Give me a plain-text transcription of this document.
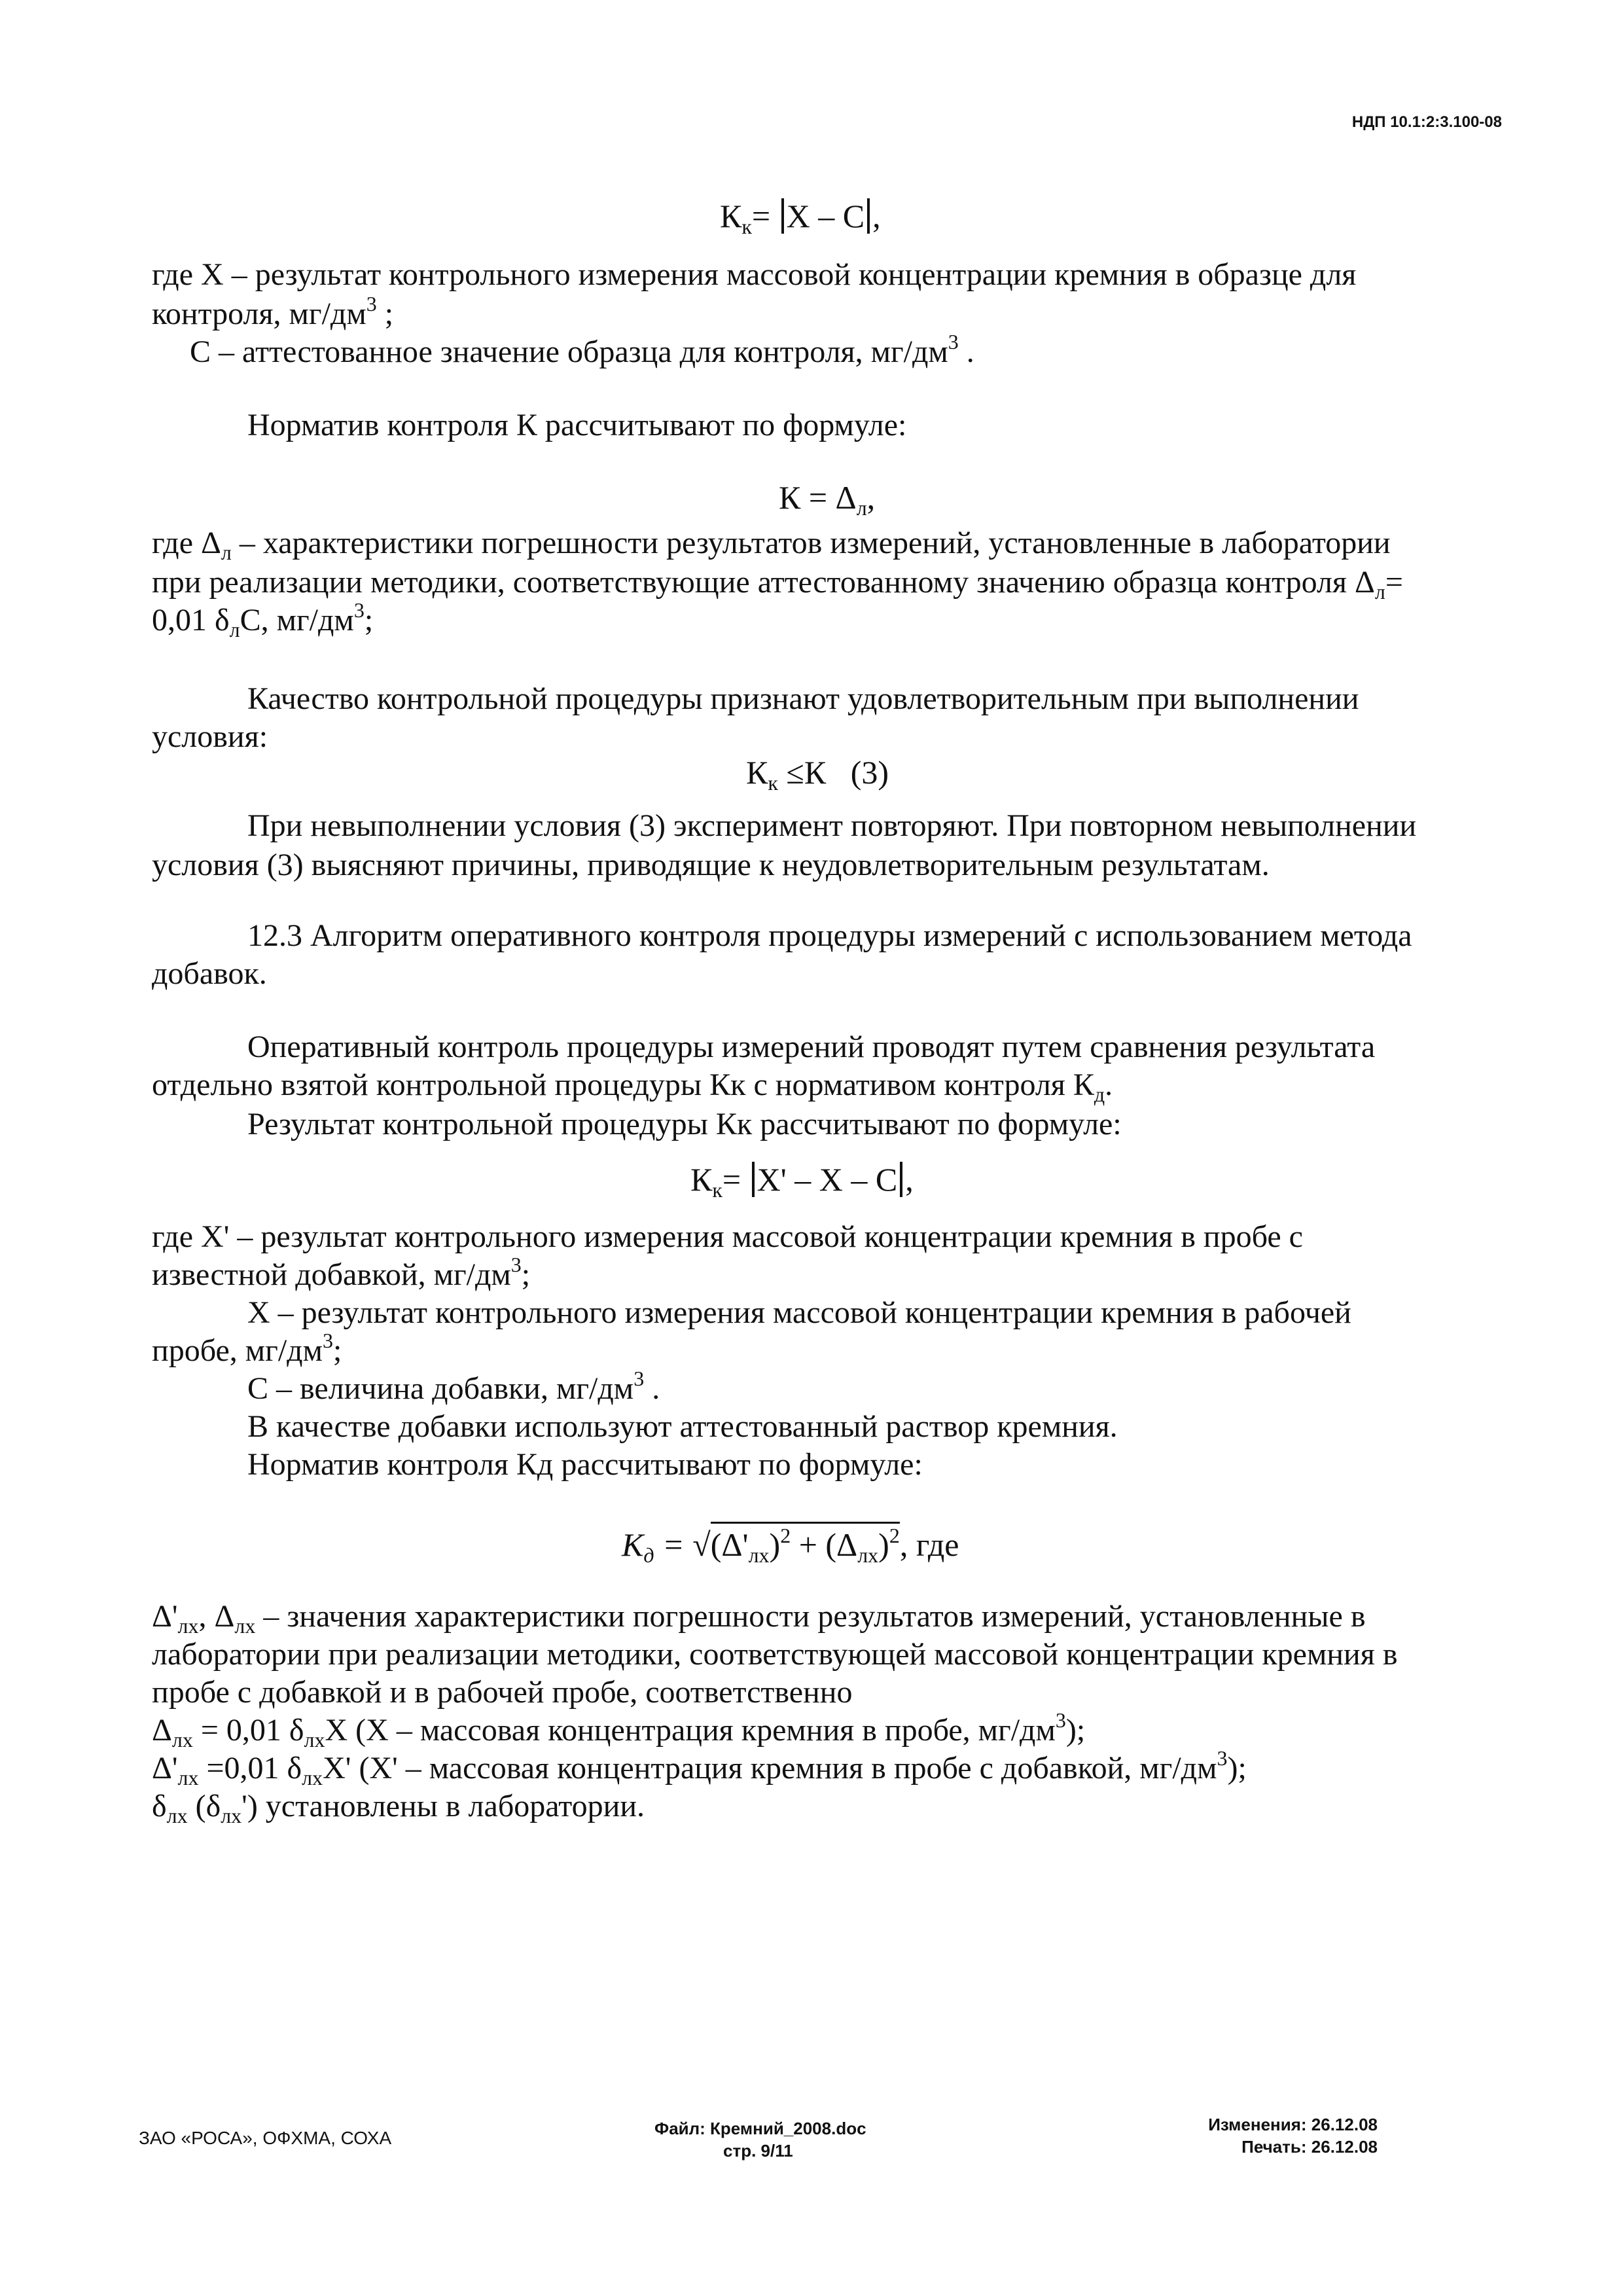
НДП 10.1:2:3.100-08
$К_к= X - C$ ,
где X – результат контрольного измерения массовой концентрации кремния в образце для
контроля, $мг/дм^3$ ;
С – аттестованное значение образца для контроля, $мг/дм^3$ .
Норматив контроля К рассчитывают по формуле:
$К = \Delta_л$,
где $\Delta_л$ – характеристики погрешности результатов измерений, установленные в лаборатории
при реализации методики, соответствующие аттестованному значению образца контроля $\Delta_л=$
0,01 $\delta_лС$, $мг/дм^3$;
Качество контрольной процедуры признают удовлетворительным при выполнении
условия:
$К_к \le К$ (3)
При невыполнении условия (3) эксперимент повторяют. При повторном невыполнении
условия (3) выясняют причины, приводящие к неудовлетворительным результатам.
12.3 Алгоритм оперативного контроля процедуры измерений с использованием метода
добавок.
Оперативный контроль процедуры измерений проводят путем сравнения результата
отдельно взятой контрольной процедуры Кк с нормативом контроля $К_д$.
Результат контрольной процедуры Кк рассчитывают по формуле:
$К_к= X' - X - C$ ,
где X' – результат контрольного измерения массовой концентрации кремния в пробе с
известной добавкой, $мг/дм^3$;
X – результат контрольного измерения массовой концентрации кремния в рабочей
пробе, $мг/дм^3$;
С – величина добавки, $мг/дм^3$ .
В качестве добавки используют аттестованный раствор кремния.
Норматив контроля Кд рассчитывают по формуле:
$K_д = √(\Delta'_{лх})^2 + (\Delta_{лх})^2$, где
$\Delta'_{лх}$, $\Delta_{лх}$ – значения характеристики погрешности результатов измерений, установленные в
лаборатории при реализации методики, соответствующей массовой концентрации кремния в
пробе с добавкой и в рабочей пробе, соответственно
$\Delta_{лх} = 0,01$ $\delta_{лх}X$ (X – массовая концентрация кремния в пробе, $мг/дм^3$);
$\Delta'_{лх} =0,01$ $\delta_{лх}X'$ (X' – массовая концентрация кремния в пробе с добавкой, $мг/дм^3$);
$\delta_{лх}$ $(\delta_{лх}')$ установлены в лаборатории.
ЗАО «РОСА», ОФХМА, СОХА	Файл: Кремний_2008.doc
стр. 9/11
Изменения: 26.12.08
Печать: 26.12.08
